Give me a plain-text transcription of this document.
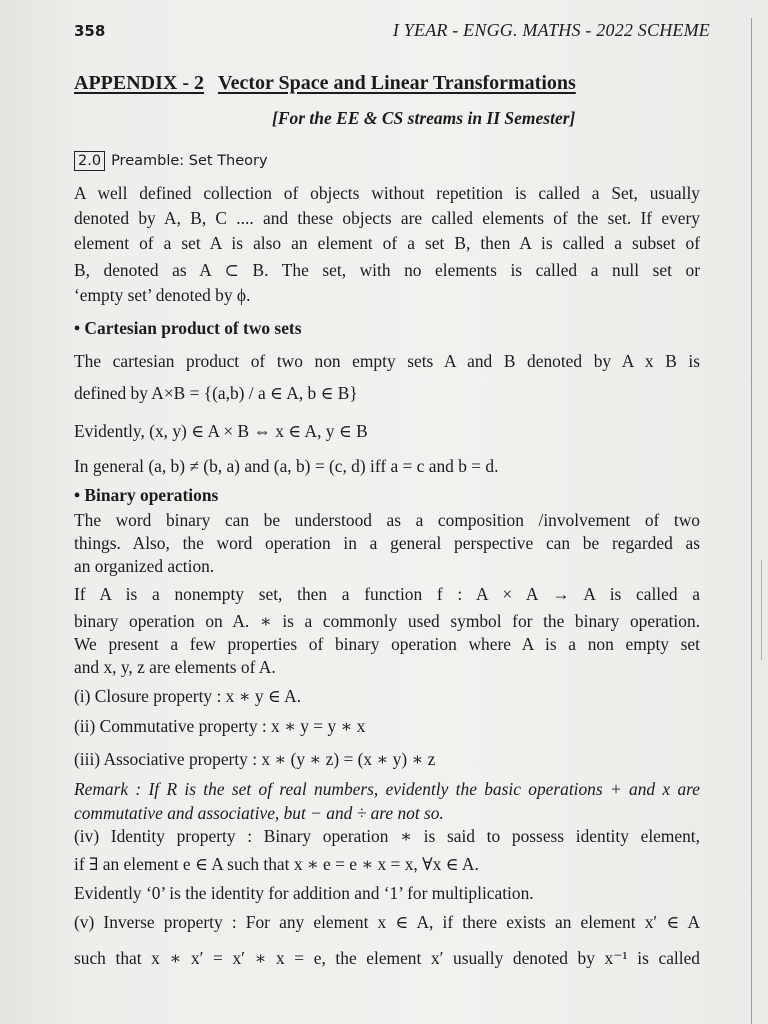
358	I YEAR - ENGG. MATHS - 2022 SCHEME
APPENDIX - 2 Vector Space and Linear Transformations
[For the EE & CS streams in II Semester]
2.0 Preamble: Set Theory
A well defined collection of objects without repetition is called a Set, usually
denoted by A, B, C .... and these objects are called elements of the set. If every
element of a set A is also an element of a set B, then A is called a subset of
B, denoted as A ⊂ B. The set, with no elements is called a null set or
‘empty set’ denoted by ϕ.
• Cartesian product of two sets
The cartesian product of two non empty sets A and B denoted by A x B is
defined by A×B = {(a,b) / a ∈ A, b ∈ B}
Evidently, (x, y) ∈ A × B ⇔ x ∈ A, y ∈ B
In general (a, b) ≠ (b, a) and (a, b) = (c, d) iff a = c and b = d.
• Binary operations
The word binary can be understood as a composition /involvement of two
things. Also, the word operation in a general perspective can be regarded as
an organized action.
If A is a nonempty set, then a function f : A × A → A is called a
binary operation on A. ∗ is a commonly used symbol for the binary operation.
We present a few properties of binary operation where A is a non empty set
and x, y, z are elements of A.
(i) Closure property : x ∗ y ∈ A.
(ii) Commutative property : x ∗ y = y ∗ x
(iii) Associative property : x ∗ (y ∗ z) = (x ∗ y) ∗ z
Remark : If R is the set of real numbers, evidently the basic operations + and x are
commutative and associative, but − and ÷ are not so.
(iv) Identity property : Binary operation ∗ is said to possess identity element,
if ∃ an element e ∈ A such that x ∗ e = e ∗ x = x, ∀x ∈ A.
Evidently ‘0’ is the identity for addition and ‘1’ for multiplication.
(v) Inverse property : For any element x ∈ A, if there exists an element x′ ∈ A
such that x ∗ x′ = x′ ∗ x = e, the element x′ usually denoted by x⁻¹ is called
